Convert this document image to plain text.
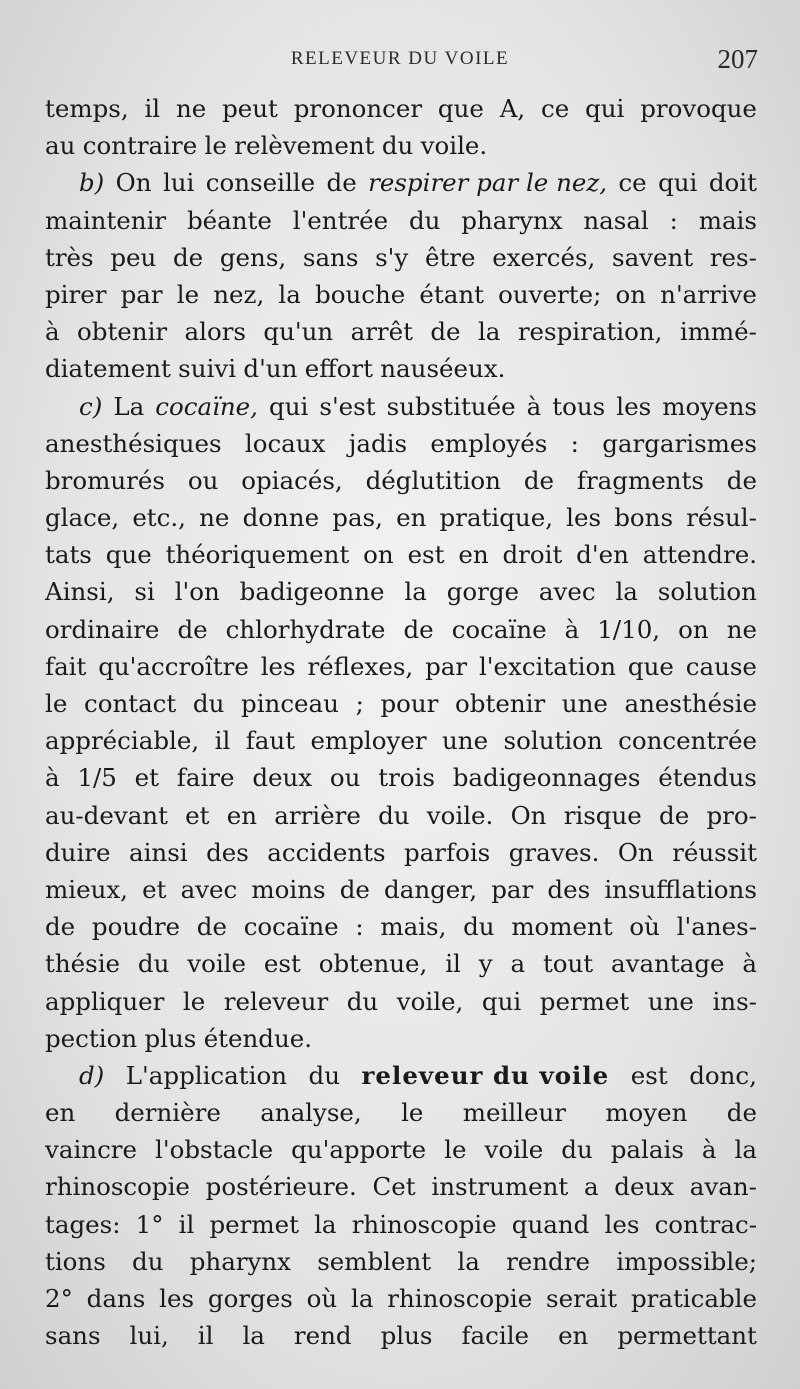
RELEVEUR DU VOILE	207
temps, il ne peut prononcer que A, ce qui provoque
au contraire le relèvement du voile.
b) On lui conseille de respirer par le nez, ce qui doit
maintenir béante l'entrée du pharynx nasal : mais
très peu de gens, sans s'y être exercés, savent res-
pirer par le nez, la bouche étant ouverte; on n'arrive
à obtenir alors qu'un arrêt de la respiration, immé-
diatement suivi d'un effort nauséeux.
c) La cocaïne, qui s'est substituée à tous les moyens
anesthésiques locaux jadis employés : gargarismes
bromurés ou opiacés, déglutition de fragments de
glace, etc., ne donne pas, en pratique, les bons résul-
tats que théoriquement on est en droit d'en attendre.
Ainsi, si l'on badigeonne la gorge avec la solution
ordinaire de chlorhydrate de cocaïne à 1/10, on ne
fait qu'accroître les réflexes, par l'excitation que cause
le contact du pinceau ; pour obtenir une anesthésie
appréciable, il faut employer une solution concentrée
à 1/5 et faire deux ou trois badigeonnages étendus
au-devant et en arrière du voile. On risque de pro-
duire ainsi des accidents parfois graves. On réussit
mieux, et avec moins de danger, par des insufflations
de poudre de cocaïne : mais, du moment où l'anes-
thésie du voile est obtenue, il y a tout avantage à
appliquer le releveur du voile, qui permet une ins-
pection plus étendue.
d) L'application du releveur du voile est donc,
en dernière analyse, le meilleur moyen de
vaincre l'obstacle qu'apporte le voile du palais à la
rhinoscopie postérieure. Cet instrument a deux avan-
tages: 1° il permet la rhinoscopie quand les contrac-
tions du pharynx semblent la rendre impossible;
2° dans les gorges où la rhinoscopie serait praticable
sans lui, il la rend plus facile en permettant
